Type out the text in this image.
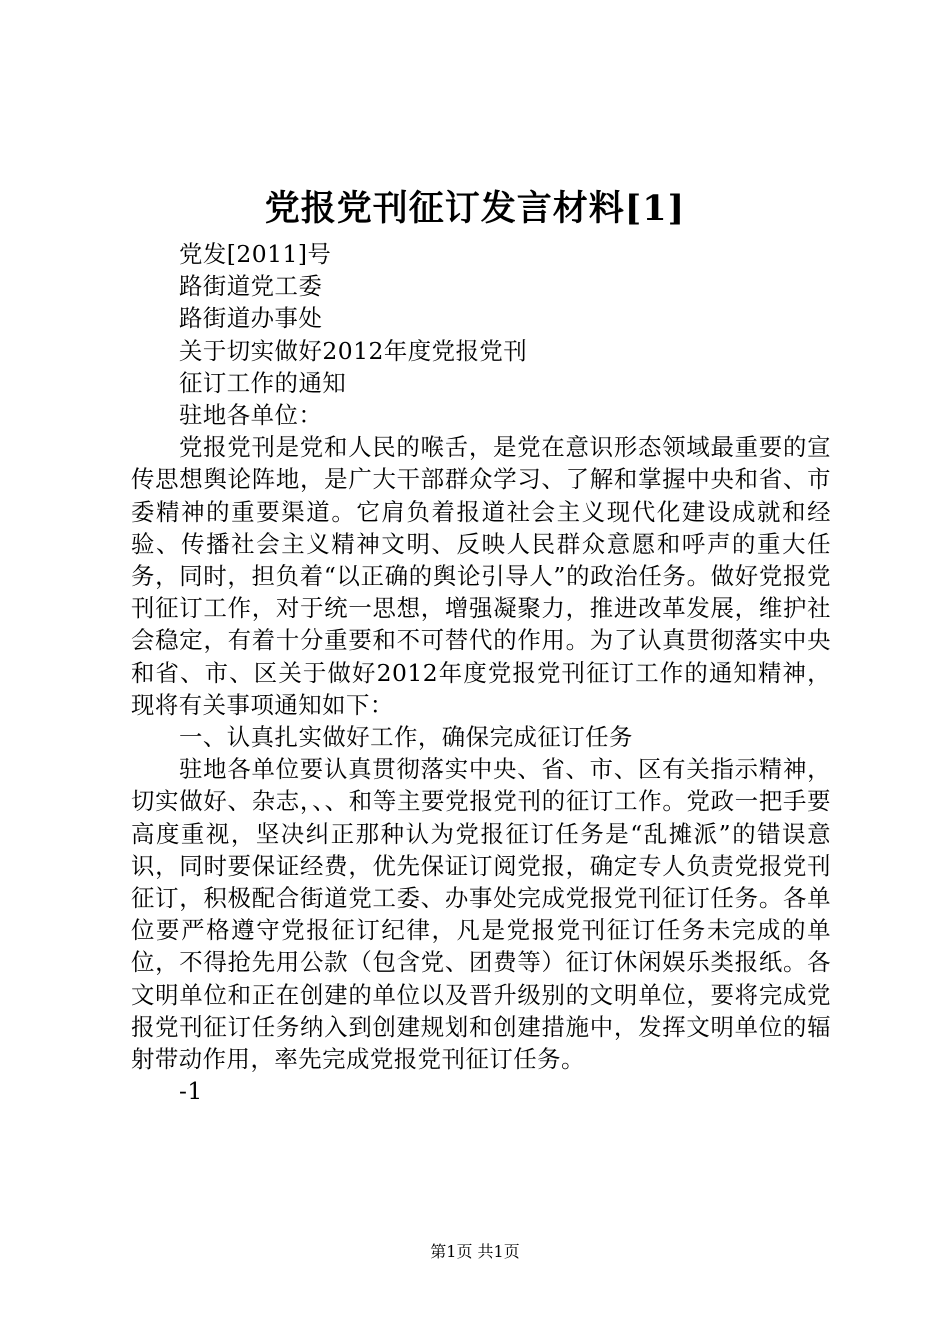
党报党刊征订发言材料[1]

党发[2011]号

路街道党工委

路街道办事处

关于切实做好2012年度党报党刊

征订工作的通知

驻地各单位：

党报党刊是党和人民的喉舌，是党在意识形态领域最重要的宣传思想舆论阵地，是广大干部群众学习、了解和掌握中央和省、市委精神的重要渠道。它肩负着报道社会主义现代化建设成就和经验、传播社会主义精神文明、反映人民群众意愿和呼声的重大任务，同时，担负着“以正确的舆论引导人”的政治任务。做好党报党刊征订工作，对于统一思想，增强凝聚力，推进改革发展，维护社会稳定，有着十分重要和不可替代的作用。为了认真贯彻落实中央和省、市、区关于做好2012年度党报党刊征订工作的通知精神，现将有关事项通知如下：

一、认真扎实做好工作，确保完成征订任务

驻地各单位要认真贯彻落实中央、省、市、区有关指示精神，切实做好、杂志，、、和等主要党报党刊的征订工作。党政一把手要高度重视，坚决纠正那种认为党报征订任务是“乱摊派”的错误意识，同时要保证经费，优先保证订阅党报，确定专人负责党报党刊征订，积极配合街道党工委、办事处完成党报党刊征订任务。各单位要严格遵守党报征订纪律，凡是党报党刊征订任务未完成的单位，不得抢先用公款（包含党、团费等）征订休闲娱乐类报纸。各文明单位和正在创建的单位以及晋升级别的文明单位，要将完成党报党刊征订任务纳入到创建规划和创建措施中，发挥文明单位的辐射带动作用，率先完成党报党刊征订任务。

-1

第1页 共1页
